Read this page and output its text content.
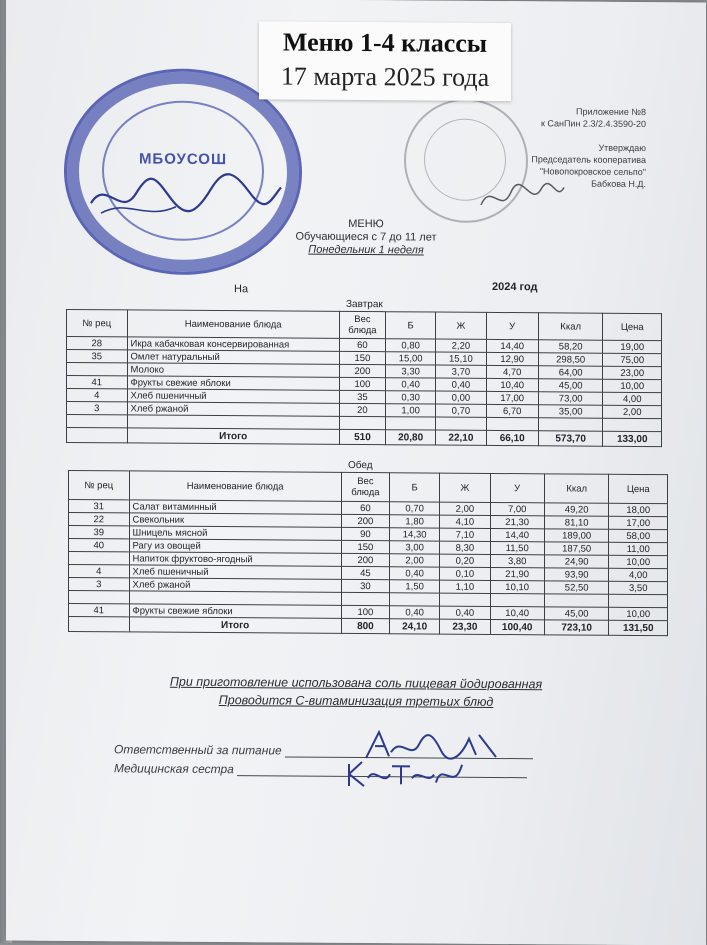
МБОУСОШ
Меню 1-4 классы
17 марта 2025 года
Приложение №8
к СанПин 2.3/2.4.3590-20
Утверждаю
Председатель кооператива
"Новопокровское сельпо"
Бабкова Н.Д.
МЕНЮ
Обучающиеся с 7 до 11 лет
Понедельник 1 неделя
На	2024 год
Завтрак
№ рец	Наименование блюда	Вес блюда	Б	Ж	У	Ккал	Цена
28	Икра кабачковая консервированная	60	0,80	2,20	14,40	58,20	19,00
35	Омлет натуральный	150	15,00	15,10	12,90	298,50	75,00
	Молоко	200	3,30	3,70	4,70	64,00	23,00
41	Фрукты свежие яблоки	100	0,40	0,40	10,40	45,00	10,00
4	Хлеб пшеничный	35	0,30	0,00	17,00	73,00	4,00
3	Хлеб ржаной	20	1,00	0,70	6,70	35,00	2,00

	Итого	510	20,80	22,10	66,10	573,70	133,00
Обед
№ рец	Наименование блюда	Вес блюда	Б	Ж	У	Ккал	Цена
31	Салат витаминный	60	0,70	2,00	7,00	49,20	18,00
22	Свекольник	200	1,80	4,10	21,30	81,10	17,00
39	Шницель мясной	90	14,30	7,10	14,40	189,00	58,00
40	Рагу из овощей	150	3,00	8,30	11,50	187,50	11,00
	Напиток фруктово-ягодный	200	2,00	0,20	3,80	24,90	10,00
4	Хлеб пшеничный	45	0,40	0,10	21,90	93,90	4,00
3	Хлеб ржаной	30	1,50	1,10	10,10	52,50	3,50

41	Фрукты свежие яблоки	100	0,40	0,40	10,40	45,00	10,00
	Итого	800	24,10	23,30	100,40	723,10	131,50
При приготовление использована соль пищевая йодированная
Проводится С-витаминизация третьих блюд
Ответственный за питание
Медицинская сестра
